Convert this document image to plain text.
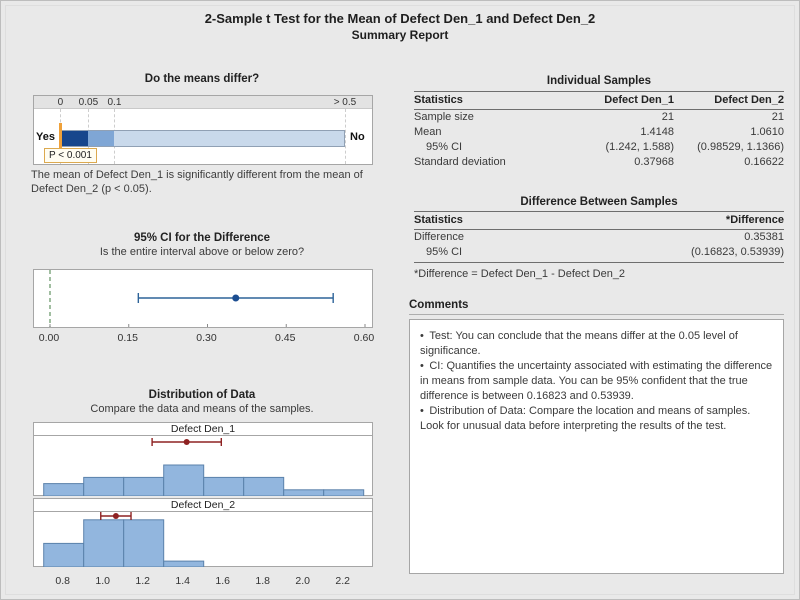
2-Sample t Test for the Mean of Defect Den_1 and Defect Den_2
Summary Report
Do the means differ?
0 0.05 0.1	> 0.5
Yes	No
P < 0.001
The mean of Defect Den_1 is significantly different from the mean of Defect Den_2 (p < 0.05).
95% CI for the Difference
Is the entire interval above or below zero?
0.00	0.15	0.30	0.45	0.60
Distribution of Data
Compare the data and means of the samples.
Defect Den_1
Defect Den_2
0.8 1.0 1.2 1.4 1.6 1.8 2.0 2.2
Individual Samples
Statistics	Defect Den_1	Defect Den_2
Sample size	21	21
Mean	1.4148	1.0610
95% CI	(1.242, 1.588)	(0.98529, 1.1366)
Standard deviation	0.37968	0.16622
Difference Between Samples
Statistics	*Difference
Difference	0.35381
95% CI	(0.16823, 0.53939)
*Difference = Defect Den_1 - Defect Den_2
Comments

• Test: You can conclude that the means differ at the 0.05 level of significance.

• CI: Quantifies the uncertainty associated with estimating the difference in means from sample data. You can be 95% confident that the true difference is between 0.16823 and 0.53939.

• Distribution of Data: Compare the location and means of samples. Look for unusual data before interpreting the results of the test.
